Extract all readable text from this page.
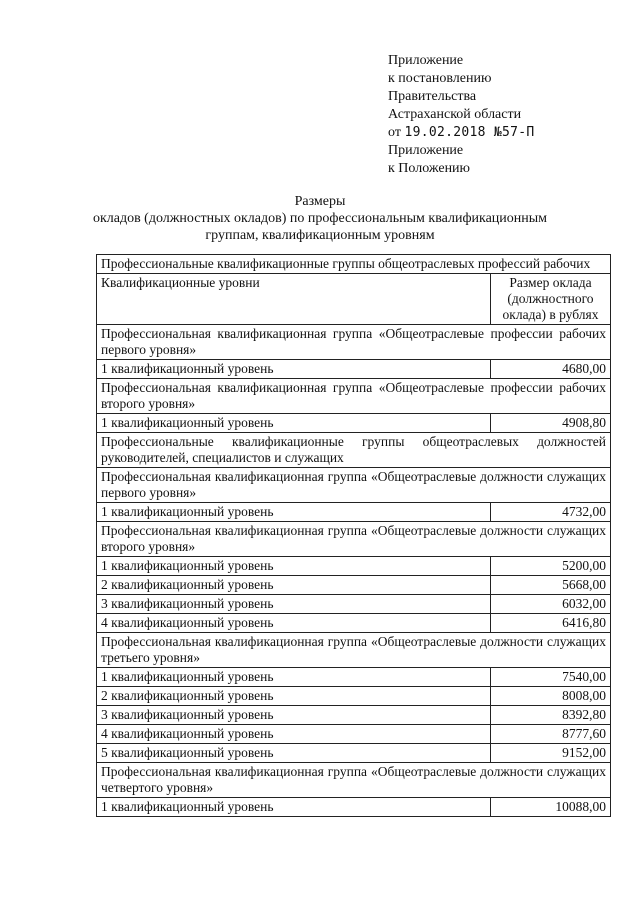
Приложение
к постановлению
Правительства
Астраханской области
от 19.02.2018 №57-П
Приложение
к Положению
Размеры
окладов (должностных окладов) по профессиональным квалификационным
группам, квалификационным уровням
Профессиональные квалификационные группы общеотраслевых профессий рабочих	
Квалификационные уровни	Размер оклада (должностного оклада) в рублях
Профессиональная квалификационная группа «Общеотраслевые профессии рабочих первого уровня»	
1 квалификационный уровень	4680,00
Профессиональная квалификационная группа «Общеотраслевые профессии рабочих второго уровня»	
1 квалификационный уровень	4908,80
Профессиональные квалификационные группы общеотраслевых должностей руководителей, специалистов и служащих	
Профессиональная квалификационная группа «Общеотраслевые должности служащих первого уровня»	
1 квалификационный уровень	4732,00
Профессиональная квалификационная группа «Общеотраслевые должности служащих второго уровня»	
1 квалификационный уровень	5200,00
2 квалификационный уровень	5668,00
3 квалификационный уровень	6032,00
4 квалификационный уровень	6416,80
Профессиональная квалификационная группа «Общеотраслевые должности служащих третьего уровня»	
1 квалификационный уровень	7540,00
2 квалификационный уровень	8008,00
3 квалификационный уровень	8392,80
4 квалификационный уровень	8777,60
5 квалификационный уровень	9152,00
Профессиональная квалификационная группа «Общеотраслевые должности служащих четвертого уровня»	
1 квалификационный уровень	10088,00
